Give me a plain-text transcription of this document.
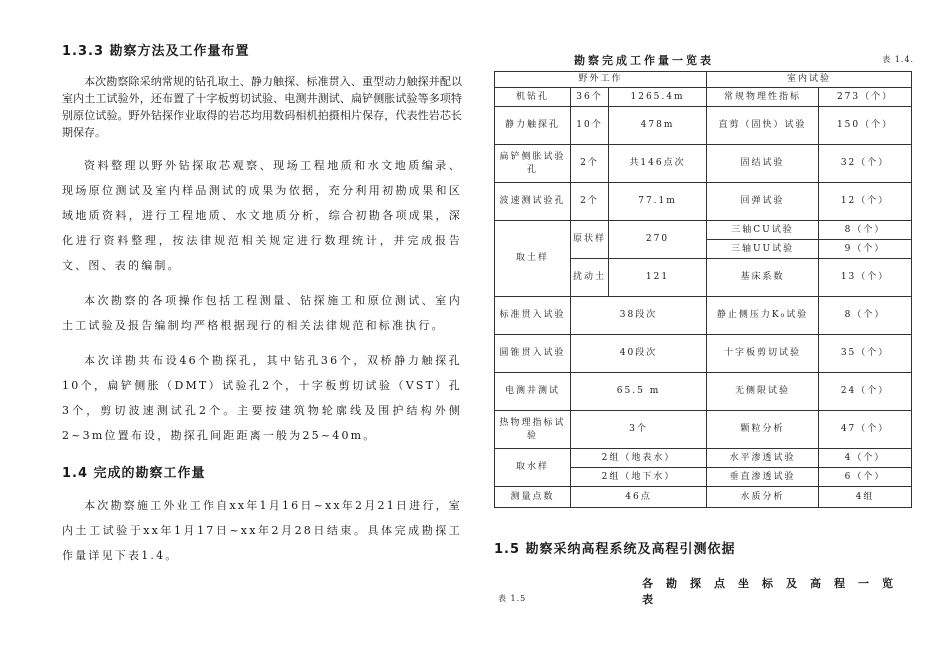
1.3.3 勘察方法及工作量布置

本次勘察除采纳常规的钻孔取土、静力触探、标准贯入、重型动力触探并配以室内土工试验外，还布置了十字板剪切试验、电测井测试、扁铲侧胀试验等多项特别原位试验。野外钻探作业取得的岩芯均用数码相机拍摄相片保存，代表性岩芯长期保存。

资料整理以野外钻探取芯观察、现场工程地质和水文地质编录、现场原位测试及室内样品测试的成果为依据，充分利用初勘成果和区域地质资料，进行工程地质、水文地质分析，综合初勘各项成果，深化进行资料整理，按法律规范相关规定进行数理统计，并完成报告文、图、表的编制。

本次勘察的各项操作包括工程测量、钻探施工和原位测试、室内土工试验及报告编制均严格根据现行的相关法律规范和标准执行。

本次详勘共布设46个勘探孔，其中钻孔36个，双桥静力触探孔10个，扁铲侧胀（DMT）试验孔2个，十字板剪切试验（VST）孔3个，剪切波速测试孔2个。主要按建筑物轮廓线及围护结构外侧2~3m位置布设，勘探孔间距距离一般为25~40m。

1.4 完成的勘察工作量

本次勘察施工外业工作自xx年1月16日~xx年2月21日进行，室内土工试验于xx年1月17日~xx年2月28日结束。具体完成勘探工作量详见下表1.4。

勘察完成工作量一览表	表 1.4.
野外工作			室内试验	
机钻孔	36个	1265.4m	常规物理性指标	273（个）
静力触探孔	10个	478m	直剪（固快）试验	150（个）
扁铲侧胀试验孔	2个	共146点次	固结试验	32（个）
波速测试验孔	2个	77.1m	回弹试验	12（个）
取土样	原状样	270	三轴CU试验	8（个）
			三轴UU试验	9（个）
	扰动土	121	基床系数	13（个）
标准贯入试验	38段次		静止侧压力K₀试验	8（个）
圆锥贯入试验	40段次		十字板剪切试验	35（个）
电测井测试	65.5 m		无侧限试验	24（个）
热物理指标试验	3个		颗粒分析	47（个）
取水样	2组（地表水）		水平渗透试验	4（个）
	2组（地下水）		垂直渗透试验	6（个）
测量点数	46点		水质分析	4组
1.5 勘察采纳高程系统及高程引测依据
各勘探点坐标及高程一览表
表 1.5
